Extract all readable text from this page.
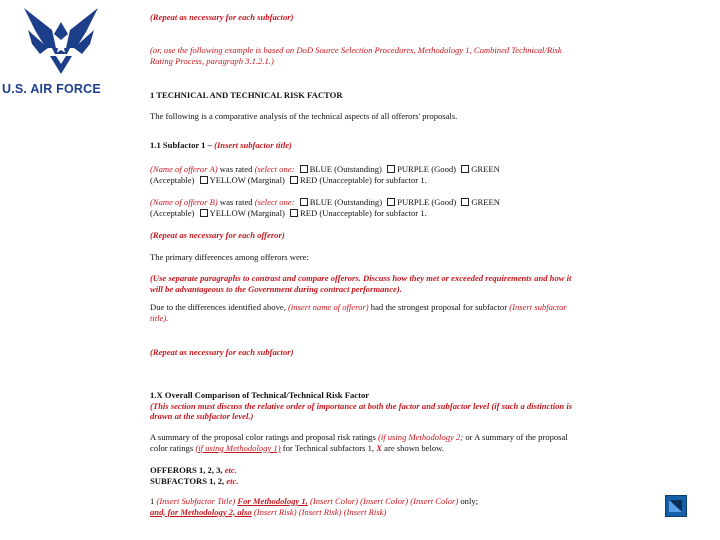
U.S. AIR FORCE
(Repeat as necessary for each subfactor)
(or, use the following example is based on DoD Source Selection Procedures, Methodology 1, Combined Technical/Risk Rating Process, paragraph 3.1.2.1.)
1 TECHNICAL AND TECHNICAL RISK FACTOR
The following is a comparative analysis of the technical aspects of all offerors' proposals.
1.1 Subfactor 1 – (Insert subfactor title)
(Name of offeror A) was rated (select one: BLUE (Outstanding) PURPLE (Good) GREEN
(Acceptable) YELLOW (Marginal) RED (Unacceptable) for subfactor 1.
(Name of offeror B) was rated (select one: BLUE (Outstanding) PURPLE (Good) GREEN
(Acceptable) YELLOW (Marginal) RED (Unacceptable) for subfactor 1.
(Repeat as necessary for each offeror)
The primary differences among offerors were:
(Use separate paragraphs to contrast and compare offerors. Discuss how they met or exceeded requirements and how it will be advantageous to the Government during contract performance).
Due to the differences identified above, (insert name of offeror) had the strongest proposal for subfactor (Insert subfactor title).
(Repeat as necessary for each subfactor)
1.X Overall Comparison of Technical/Technical Risk Factor
(This section must discuss the relative order of importance at both the factor and subfactor level (if such a distinction is drawn at the subfactor level.)
A summary of the proposal color ratings and proposal risk ratings (if using Methodology 2; or A summary of the proposal color ratings (if using Methodology 1) for Technical subfactors 1, X are shown below.
OFFERORS 1, 2, 3, etc.
SUBFACTORS 1, 2, etc.
1 (Insert Subfactor Title) For Methodology 1, (Insert Color) (Insert Color) (Insert Color) only;
and, for Methodology 2, also (Insert Risk) (Insert Risk) (Insert Risk)
